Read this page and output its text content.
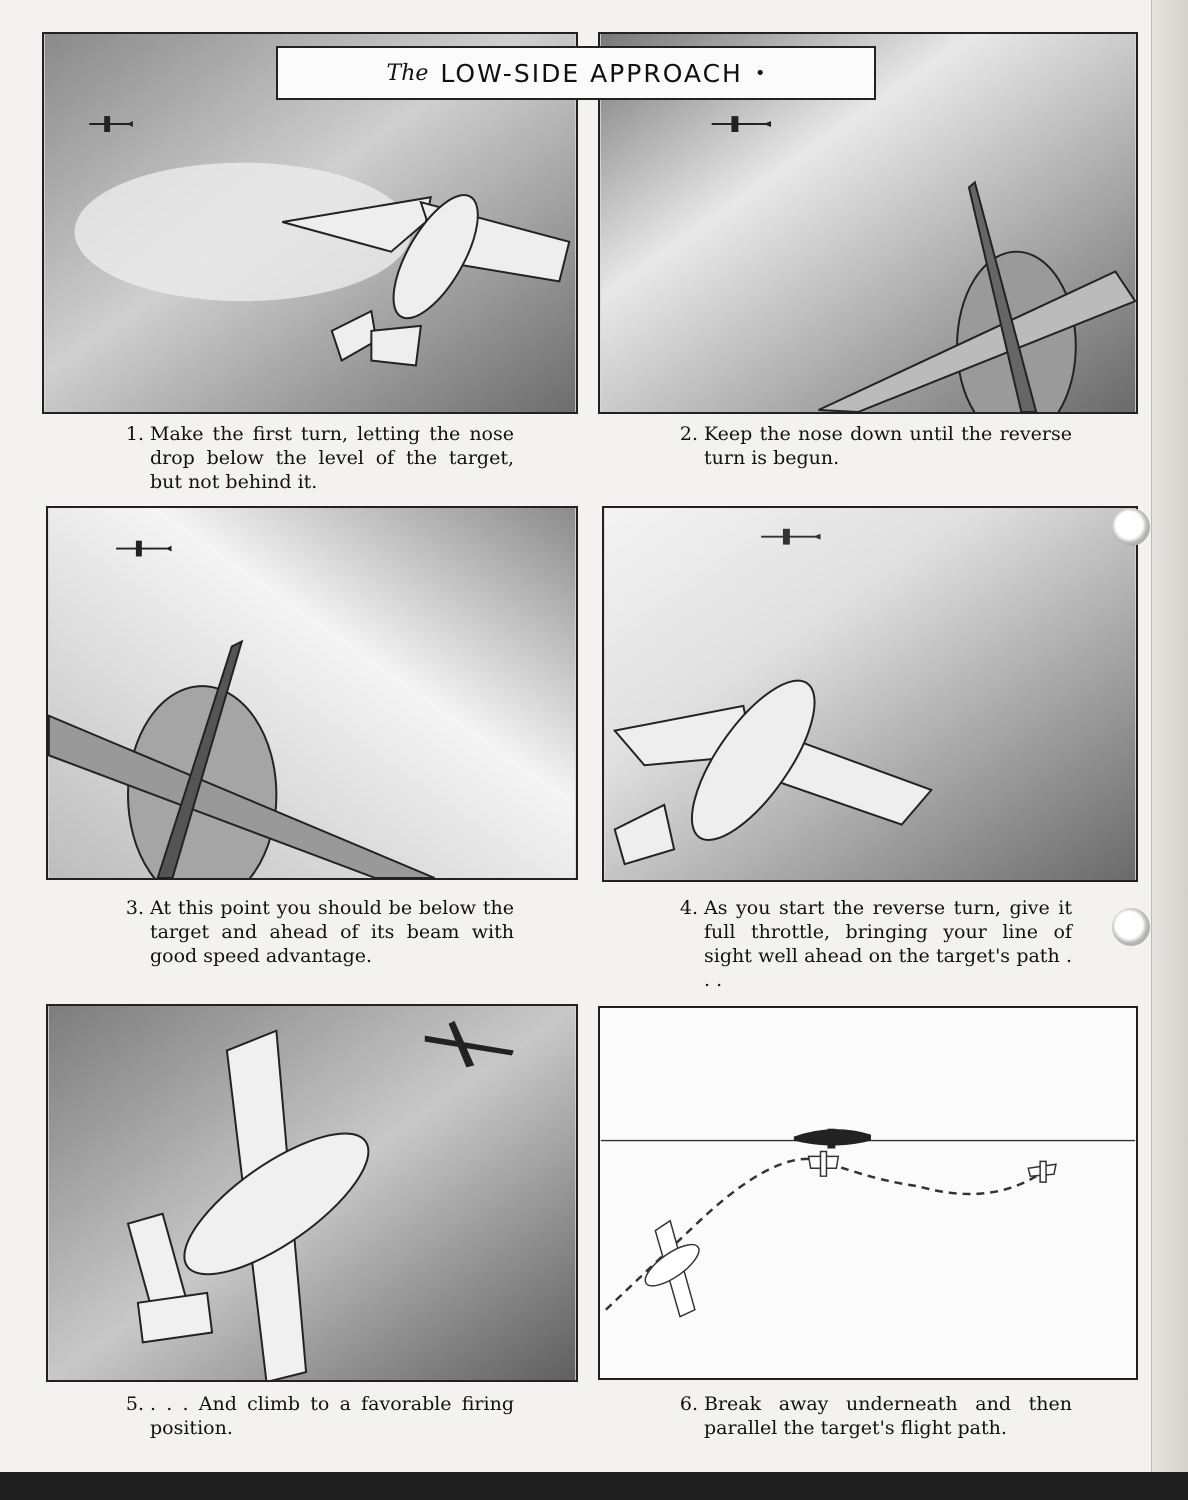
The LOW-SIDE APPROACH •
1. Make the first turn, letting the nose drop below the level of the target, but not behind it.
2. Keep the nose down until the reverse turn is begun.
3. At this point you should be below the target and ahead of its beam with good speed advantage.
4. As you start the reverse turn, give it full throttle, bringing your line of sight well ahead on the target's path . . .
5. . . . And climb to a favorable firing position.
6. Break away underneath and then parallel the target's flight path.
